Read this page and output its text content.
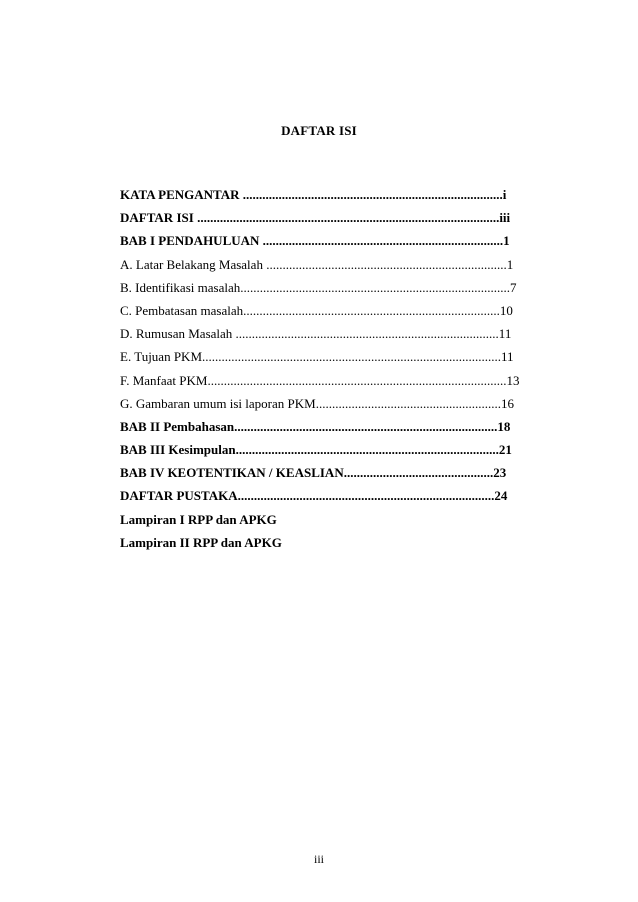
DAFTAR ISI
KATA PENGANTAR ................................................................................i
DAFTAR ISI .............................................................................................iii
BAB I PENDAHULUAN ..........................................................................1
A. Latar Belakang Masalah ..........................................................................1
B. Identifikasi masalah...................................................................................7
C. Pembatasan masalah...............................................................................10
D. Rumusan Masalah .................................................................................11
E. Tujuan PKM............................................................................................11
F. Manfaat PKM............................................................................................13
G. Gambaran umum isi laporan PKM.........................................................16
BAB II Pembahasan.................................................................................18
BAB III Kesimpulan.................................................................................21
BAB IV KEOTENTIKAN / KEASLIAN..............................................23
DAFTAR PUSTAKA...............................................................................24
Lampiran I RPP dan APKG
Lampiran II RPP dan APKG
iii
